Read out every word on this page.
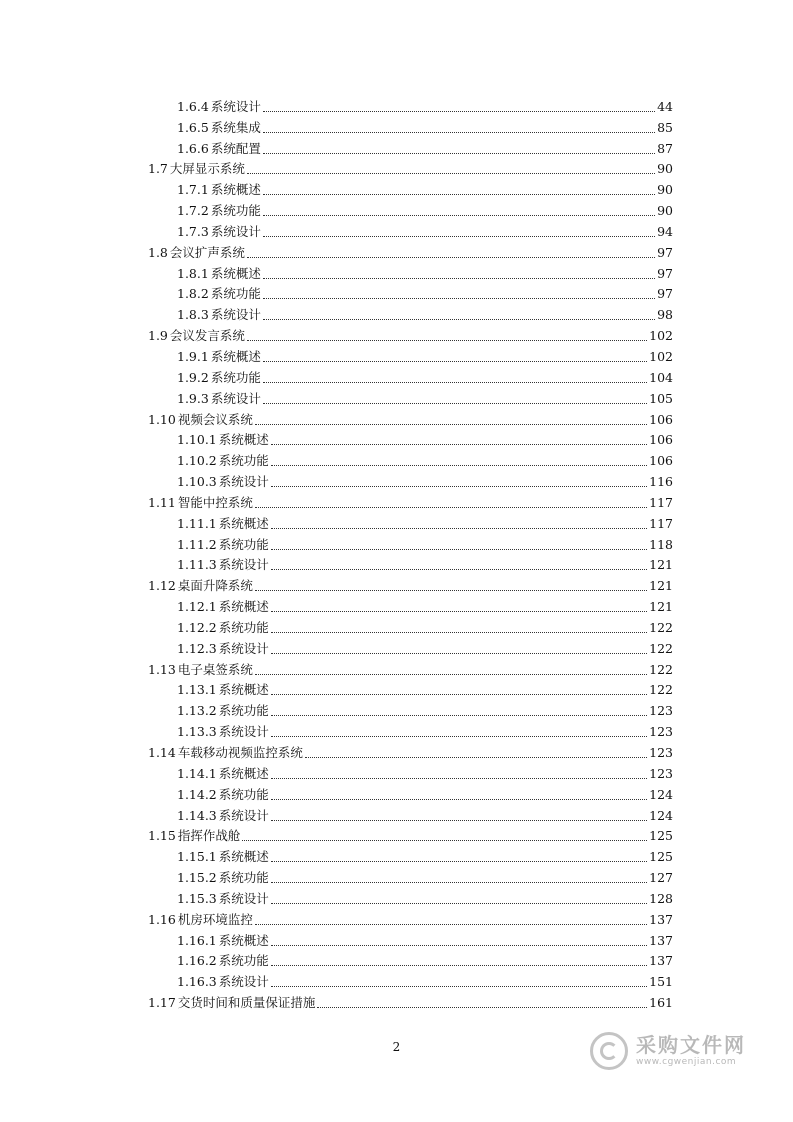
1.6.4 系统设计	44
1.6.5 系统集成	85
1.6.6 系统配置	87
1.7 大屏显示系统	90
1.7.1 系统概述	90
1.7.2 系统功能	90
1.7.3 系统设计	94
1.8 会议扩声系统	97
1.8.1 系统概述	97
1.8.2 系统功能	97
1.8.3 系统设计	98
1.9 会议发言系统	102
1.9.1 系统概述	102
1.9.2 系统功能	104
1.9.3 系统设计	105
1.10 视频会议系统	106
1.10.1 系统概述	106
1.10.2 系统功能	106
1.10.3 系统设计	116
1.11 智能中控系统	117
1.11.1 系统概述	117
1.11.2 系统功能	118
1.11.3 系统设计	121
1.12 桌面升降系统	121
1.12.1 系统概述	121
1.12.2 系统功能	122
1.12.3 系统设计	122
1.13 电子桌签系统	122
1.13.1 系统概述	122
1.13.2 系统功能	123
1.13.3 系统设计	123
1.14 车载移动视频监控系统	123
1.14.1 系统概述	123
1.14.2 系统功能	124
1.14.3 系统设计	124
1.15 指挥作战舱	125
1.15.1 系统概述	125
1.15.2 系统功能	127
1.15.3 系统设计	128
1.16 机房环境监控	137
1.16.1 系统概述	137
1.16.2 系统功能	137
1.16.3 系统设计	151
1.17 交货时间和质量保证措施	161
2	采购文件网
www.cgwenjian.com
